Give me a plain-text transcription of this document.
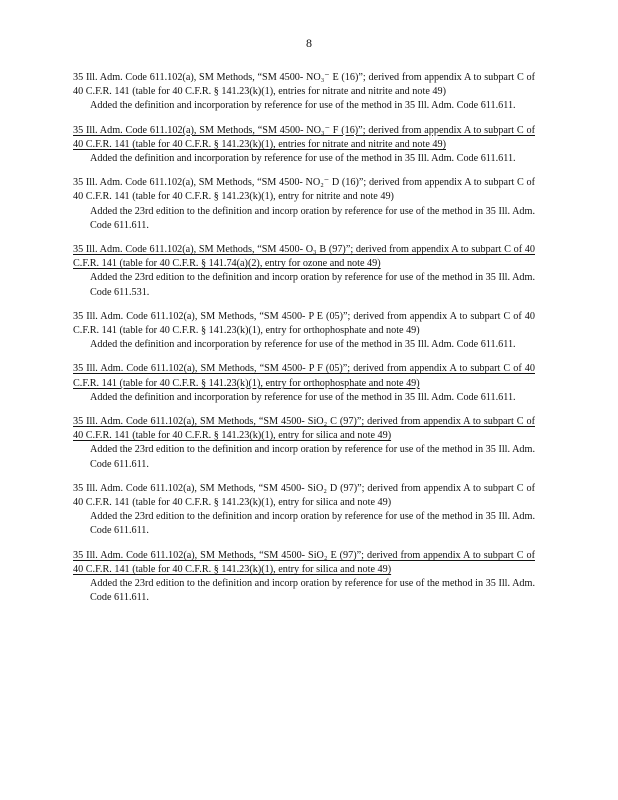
8
35 Ill. Adm. Code 611.102(a), SM Methods, “SM 4500- NO₃⁻ E (16)”; derived from appendix A to subpart C of 40 C.F.R. 141 (table for 40 C.F.R. § 141.23(k)(1), entries for nitrate and nitrite and note 49)
Added the definition and incorporation by reference for use of the method in 35 Ill. Adm. Code 611.611.
35 Ill. Adm. Code 611.102(a), SM Methods, “SM 4500- NO₃⁻ F (16)”; derived from appendix A to subpart C of 40 C.F.R. 141 (table for 40 C.F.R. § 141.23(k)(1), entries for nitrate and nitrite and note 49)
Added the definition and incorporation by reference for use of the method in 35 Ill. Adm. Code 611.611.
35 Ill. Adm. Code 611.102(a), SM Methods, “SM 4500- NO₂⁻ D (16)”; derived from appendix A to subpart C of 40 C.F.R. 141 (table for 40 C.F.R. § 141.23(k)(1), entry for nitrite and note 49)
Added the 23rd edition to the definition and incorp oration by reference for use of the method in 35 Ill. Adm. Code 611.611.
35 Ill. Adm. Code 611.102(a), SM Methods, “SM 4500- O₃ B (97)”; derived from appendix A to subpart C of 40 C.F.R. 141 (table for 40 C.F.R. § 141.74(a)(2), entry for ozone and note 49)
Added the 23rd edition to the definition and incorp oration by reference for use of the method in 35 Ill. Adm. Code 611.531.
35 Ill. Adm. Code 611.102(a), SM Methods, “SM 4500- P E (05)”; derived from appendix A to subpart C of 40 C.F.R. 141 (table for 40 C.F.R. § 141.23(k)(1), entry for orthophosphate and note 49)
Added the definition and incorporation by reference for use of the method in 35 Ill. Adm. Code 611.611.
35 Ill. Adm. Code 611.102(a), SM Methods, “SM 4500- P F (05)”; derived from appendix A to subpart C of 40 C.F.R. 141 (table for 40 C.F.R. § 141.23(k)(1), entry for orthophosphate and note 49)
Added the definition and incorporation by reference for use of the method in 35 Ill. Adm. Code 611.611.
35 Ill. Adm. Code 611.102(a), SM Methods, “SM 4500- SiO₂ C (97)”; derived from appendix A to subpart C of 40 C.F.R. 141 (table for 40 C.F.R. § 141.23(k)(1), entry for silica and note 49)
Added the 23rd edition to the definition and incorp oration by reference for use of the method in 35 Ill. Adm. Code 611.611.
35 Ill. Adm. Code 611.102(a), SM Methods, “SM 4500- SiO₂ D (97)”; derived from appendix A to subpart C of 40 C.F.R. 141 (table for 40 C.F.R. § 141.23(k)(1), entry for silica and note 49)
Added the 23rd edition to the definition and incorp oration by reference for use of the method in 35 Ill. Adm. Code 611.611.
35 Ill. Adm. Code 611.102(a), SM Methods, “SM 4500- SiO₂ E (97)”; derived from appendix A to subpart C of 40 C.F.R. 141 (table for 40 C.F.R. § 141.23(k)(1), entry for silica and note 49)
Added the 23rd edition to the definition and incorp oration by reference for use of the method in 35 Ill. Adm. Code 611.611.
